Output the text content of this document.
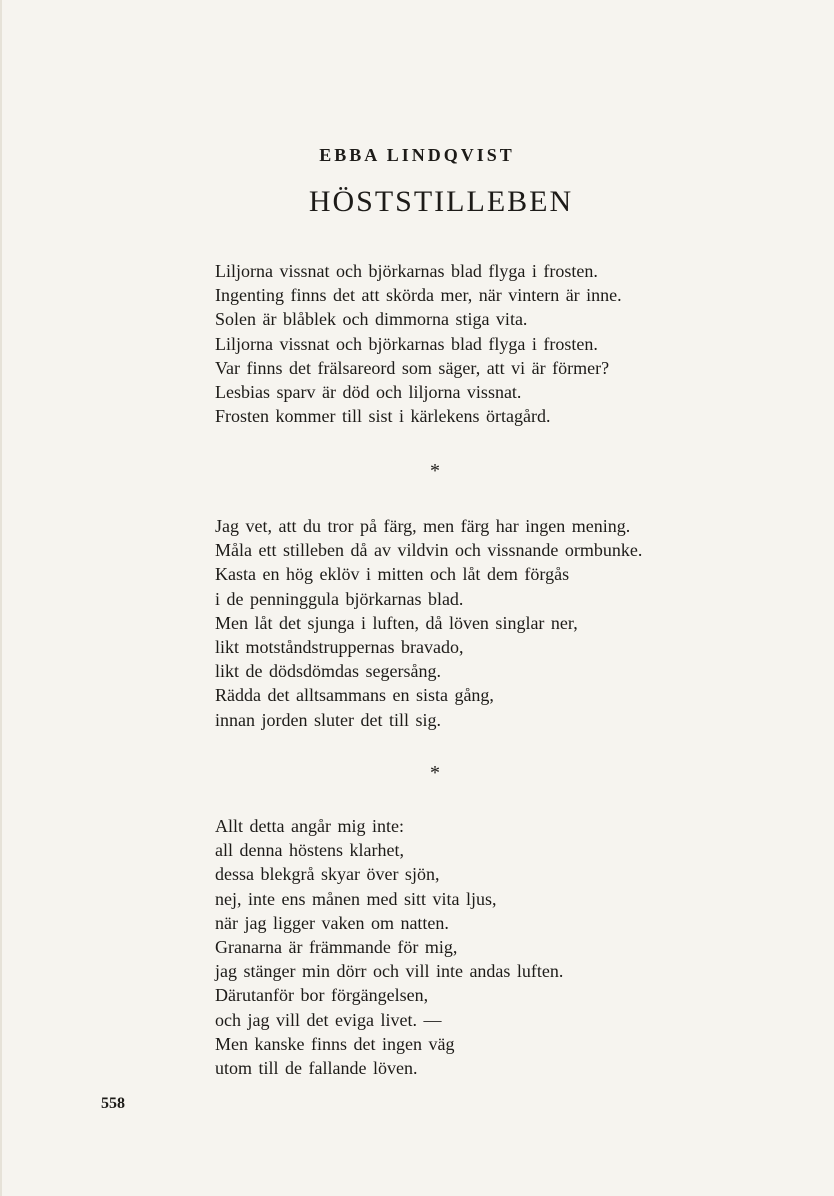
EBBA LINDQVIST
HÖSTSTILLEBEN
Liljorna vissnat och björkarnas blad flyga i frosten.
Ingenting finns det att skörda mer, när vintern är inne.
Solen är blåblek och dimmorna stiga vita.
Liljorna vissnat och björkarnas blad flyga i frosten.
Var finns det frälsareord som säger, att vi är förmer?
Lesbias sparv är död och liljorna vissnat.
Frosten kommer till sist i kärlekens örtagård.
*
Jag vet, att du tror på färg, men färg har ingen mening.
Måla ett stilleben då av vildvin och vissnande ormbunke.
Kasta en hög eklöv i mitten och låt dem förgås
i de penninggula björkarnas blad.
Men låt det sjunga i luften, då löven singlar ner,
likt motståndstruppernas bravado,
likt de dödsdömdas segersång.
Rädda det alltsammans en sista gång,
innan jorden sluter det till sig.
*
Allt detta angår mig inte:
all denna höstens klarhet,
dessa blekgrå skyar över sjön,
nej, inte ens månen med sitt vita ljus,
när jag ligger vaken om natten.
Granarna är främmande för mig,
jag stänger min dörr och vill inte andas luften.
Därutanför bor förgängelsen,
och jag vill det eviga livet. —
Men kanske finns det ingen väg
utom till de fallande löven.
558
